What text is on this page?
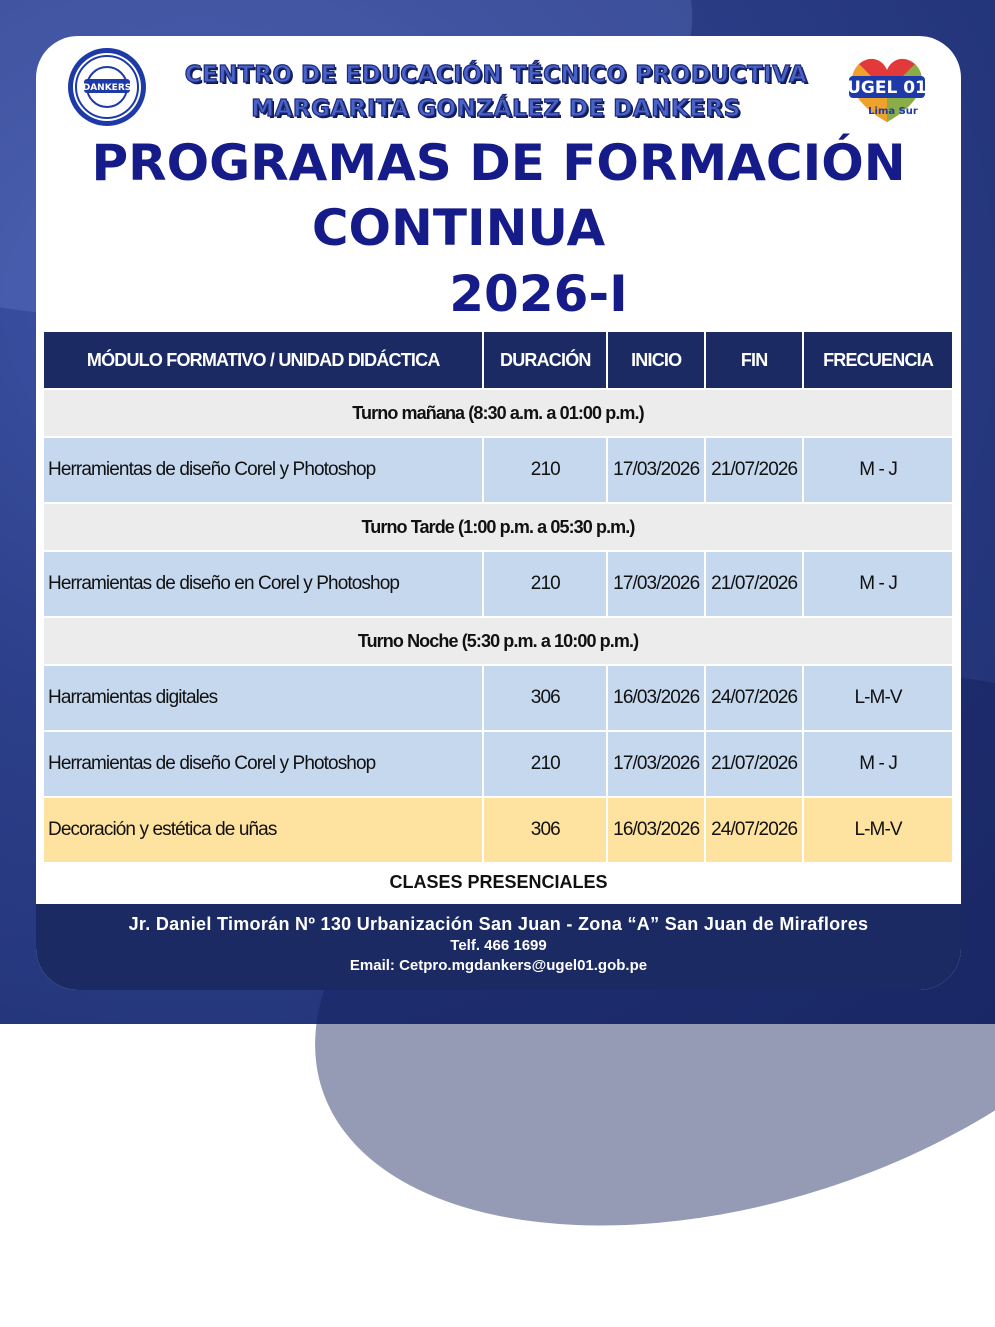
DANKERS	CENTRO DE EDUCACIÓN TÉCNICO PRODUCTIVA
MARGARITA GONZÁLEZ DE DANKERS
UGEL 01
Lima Sur
PROGRAMAS DE FORMACIÓN
CONTINUA
2026-I
MÓDULO FORMATIVO / UNIDAD DIDÁCTICA	DURACIÓN	INICIO	FIN	FRECUENCIA
Turno mañana (8:30 a.m. a 01:00 p.m.)				
Herramientas de diseño Corel y Photoshop	210	17/03/2026	21/07/2026	M - J
Turno Tarde (1:00 p.m. a 05:30 p.m.)				
Herramientas de diseño en Corel y Photoshop	210	17/03/2026	21/07/2026	M - J
Turno Noche (5:30 p.m. a 10:00 p.m.)				
Harramientas digitales	306	16/03/2026	24/07/2026	L-M-V
Herramientas de diseño Corel y Photoshop	210	17/03/2026	21/07/2026	M - J
Decoración y estética de uñas	306	16/03/2026	24/07/2026	L-M-V
CLASES PRESENCIALES
Jr. Daniel Timorán Nº 130 Urbanización San Juan - Zona “A” San Juan de Miraflores
Telf. 466 1699
Email: Cetpro.mgdankers@ugel01.gob.pe
